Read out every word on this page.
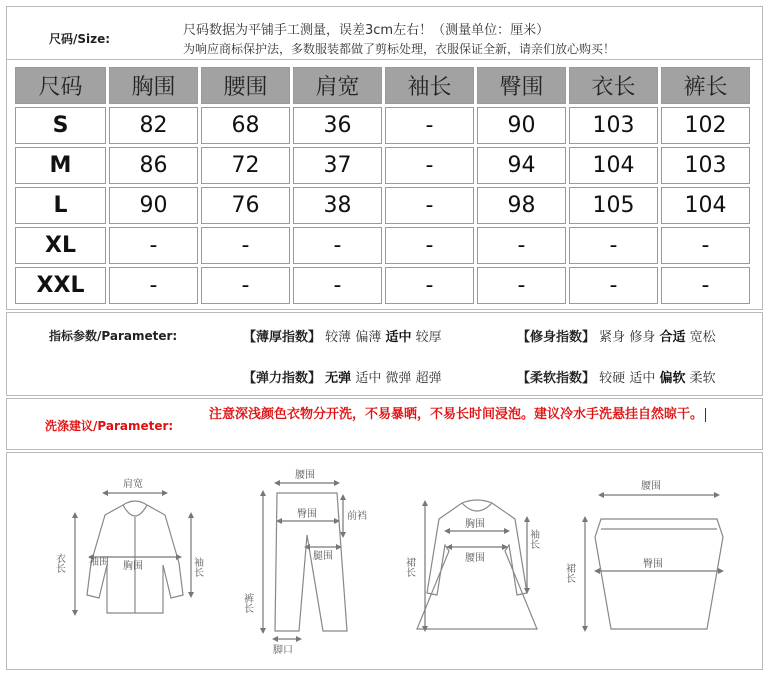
尺码/Size:
尺码数据为平铺手工测量，误差3cm左右！（测量单位：厘米）
为响应商标保护法，多数服装都做了剪标处理，衣服保证全新，请亲们放心购买！
尺码	胸围	腰围	肩宽	袖长	臀围	衣长	裤长
S	82	68	36	-	90	103	102
M	86	72	37	-	94	104	103
L	90	76	38	-	98	105	104
XL	-	-	-	-	-	-	-
XXL	-	-	-	-	-	-	-
指标参数/Parameter:	【薄厚指数】 较薄 偏薄 适中 较厚	【修身指数】 紧身 修身 合适 宽松
【弹力指数】 无弹 适中 微弹 超弹	【柔软指数】 较硬 适中 偏软 柔软
洗涤建议/Parameter:
注意深浅颜色衣物分开洗，不易暴晒，不易长时间浸泡。建议冷水手洗悬挂自然晾干。
肩宽
胸围
袖围
衣长	袖长
腰围
臀围	前裆
腿围
裤长
脚口
胸围
腰围
裙长
袖长
腰围
臀围
裙长
